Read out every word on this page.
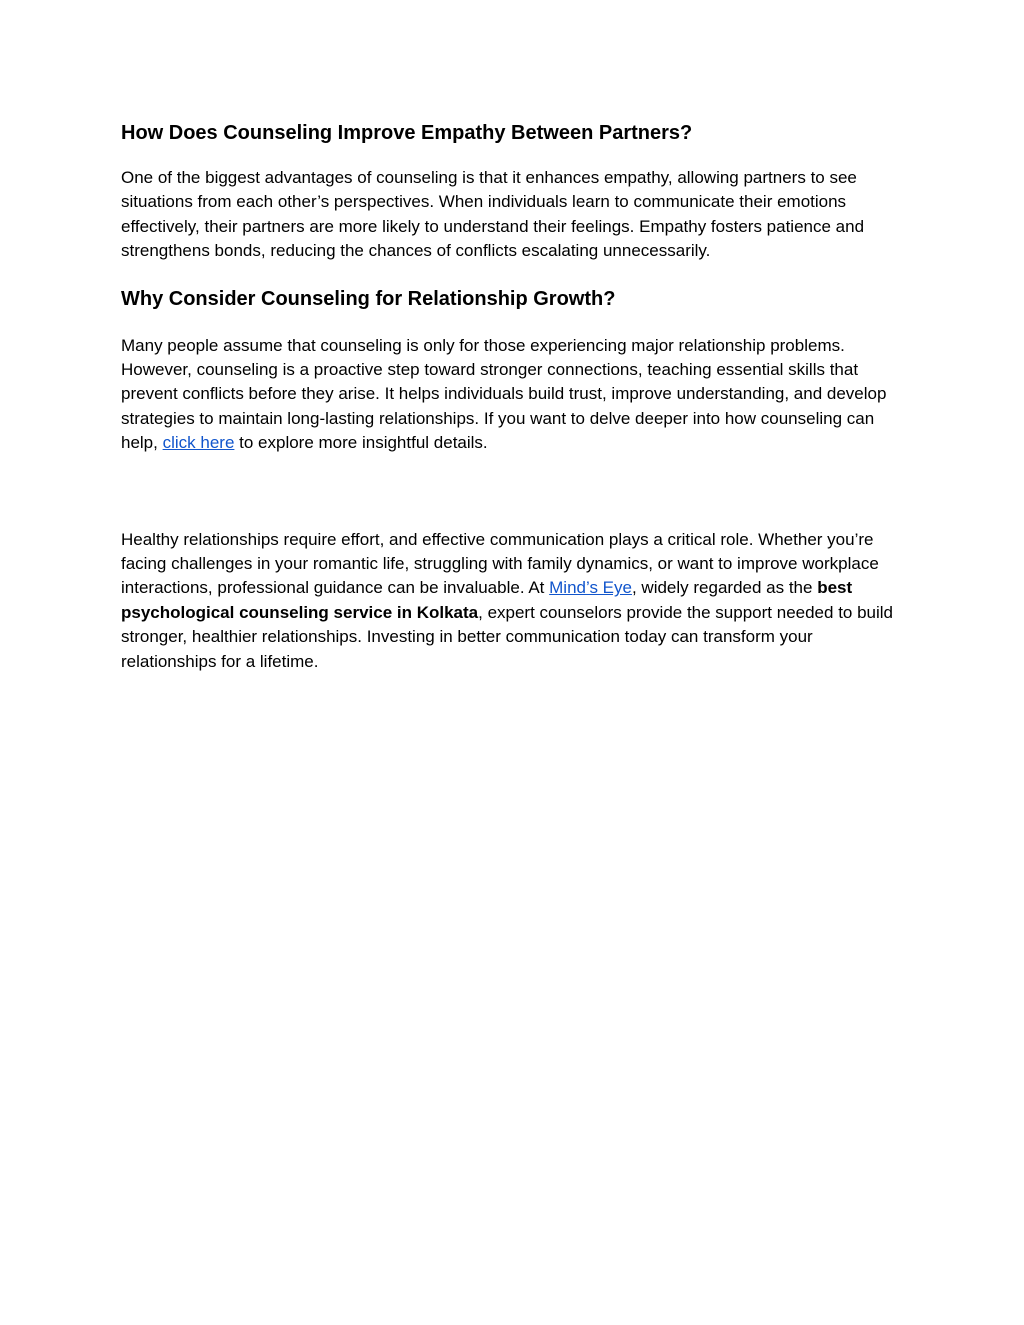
How Does Counseling Improve Empathy Between Partners?

One of the biggest advantages of counseling is that it enhances empathy, allowing partners to see situations from each other’s perspectives. When individuals learn to communicate their emotions effectively, their partners are more likely to understand their feelings. Empathy fosters patience and strengthens bonds, reducing the chances of conflicts escalating unnecessarily.

Why Consider Counseling for Relationship Growth?

Many people assume that counseling is only for those experiencing major relationship problems. However, counseling is a proactive step toward stronger connections, teaching essential skills that prevent conflicts before they arise. It helps individuals build trust, improve understanding, and develop strategies to maintain long-lasting relationships. If you want to delve deeper into how counseling can help, click here to explore more insightful details.

Healthy relationships require effort, and effective communication plays a critical role. Whether you’re facing challenges in your romantic life, struggling with family dynamics, or want to improve workplace interactions, professional guidance can be invaluable. At Mind’s Eye, widely regarded as the best psychological counseling service in Kolkata, expert counselors provide the support needed to build stronger, healthier relationships. Investing in better communication today can transform your relationships for a lifetime.
